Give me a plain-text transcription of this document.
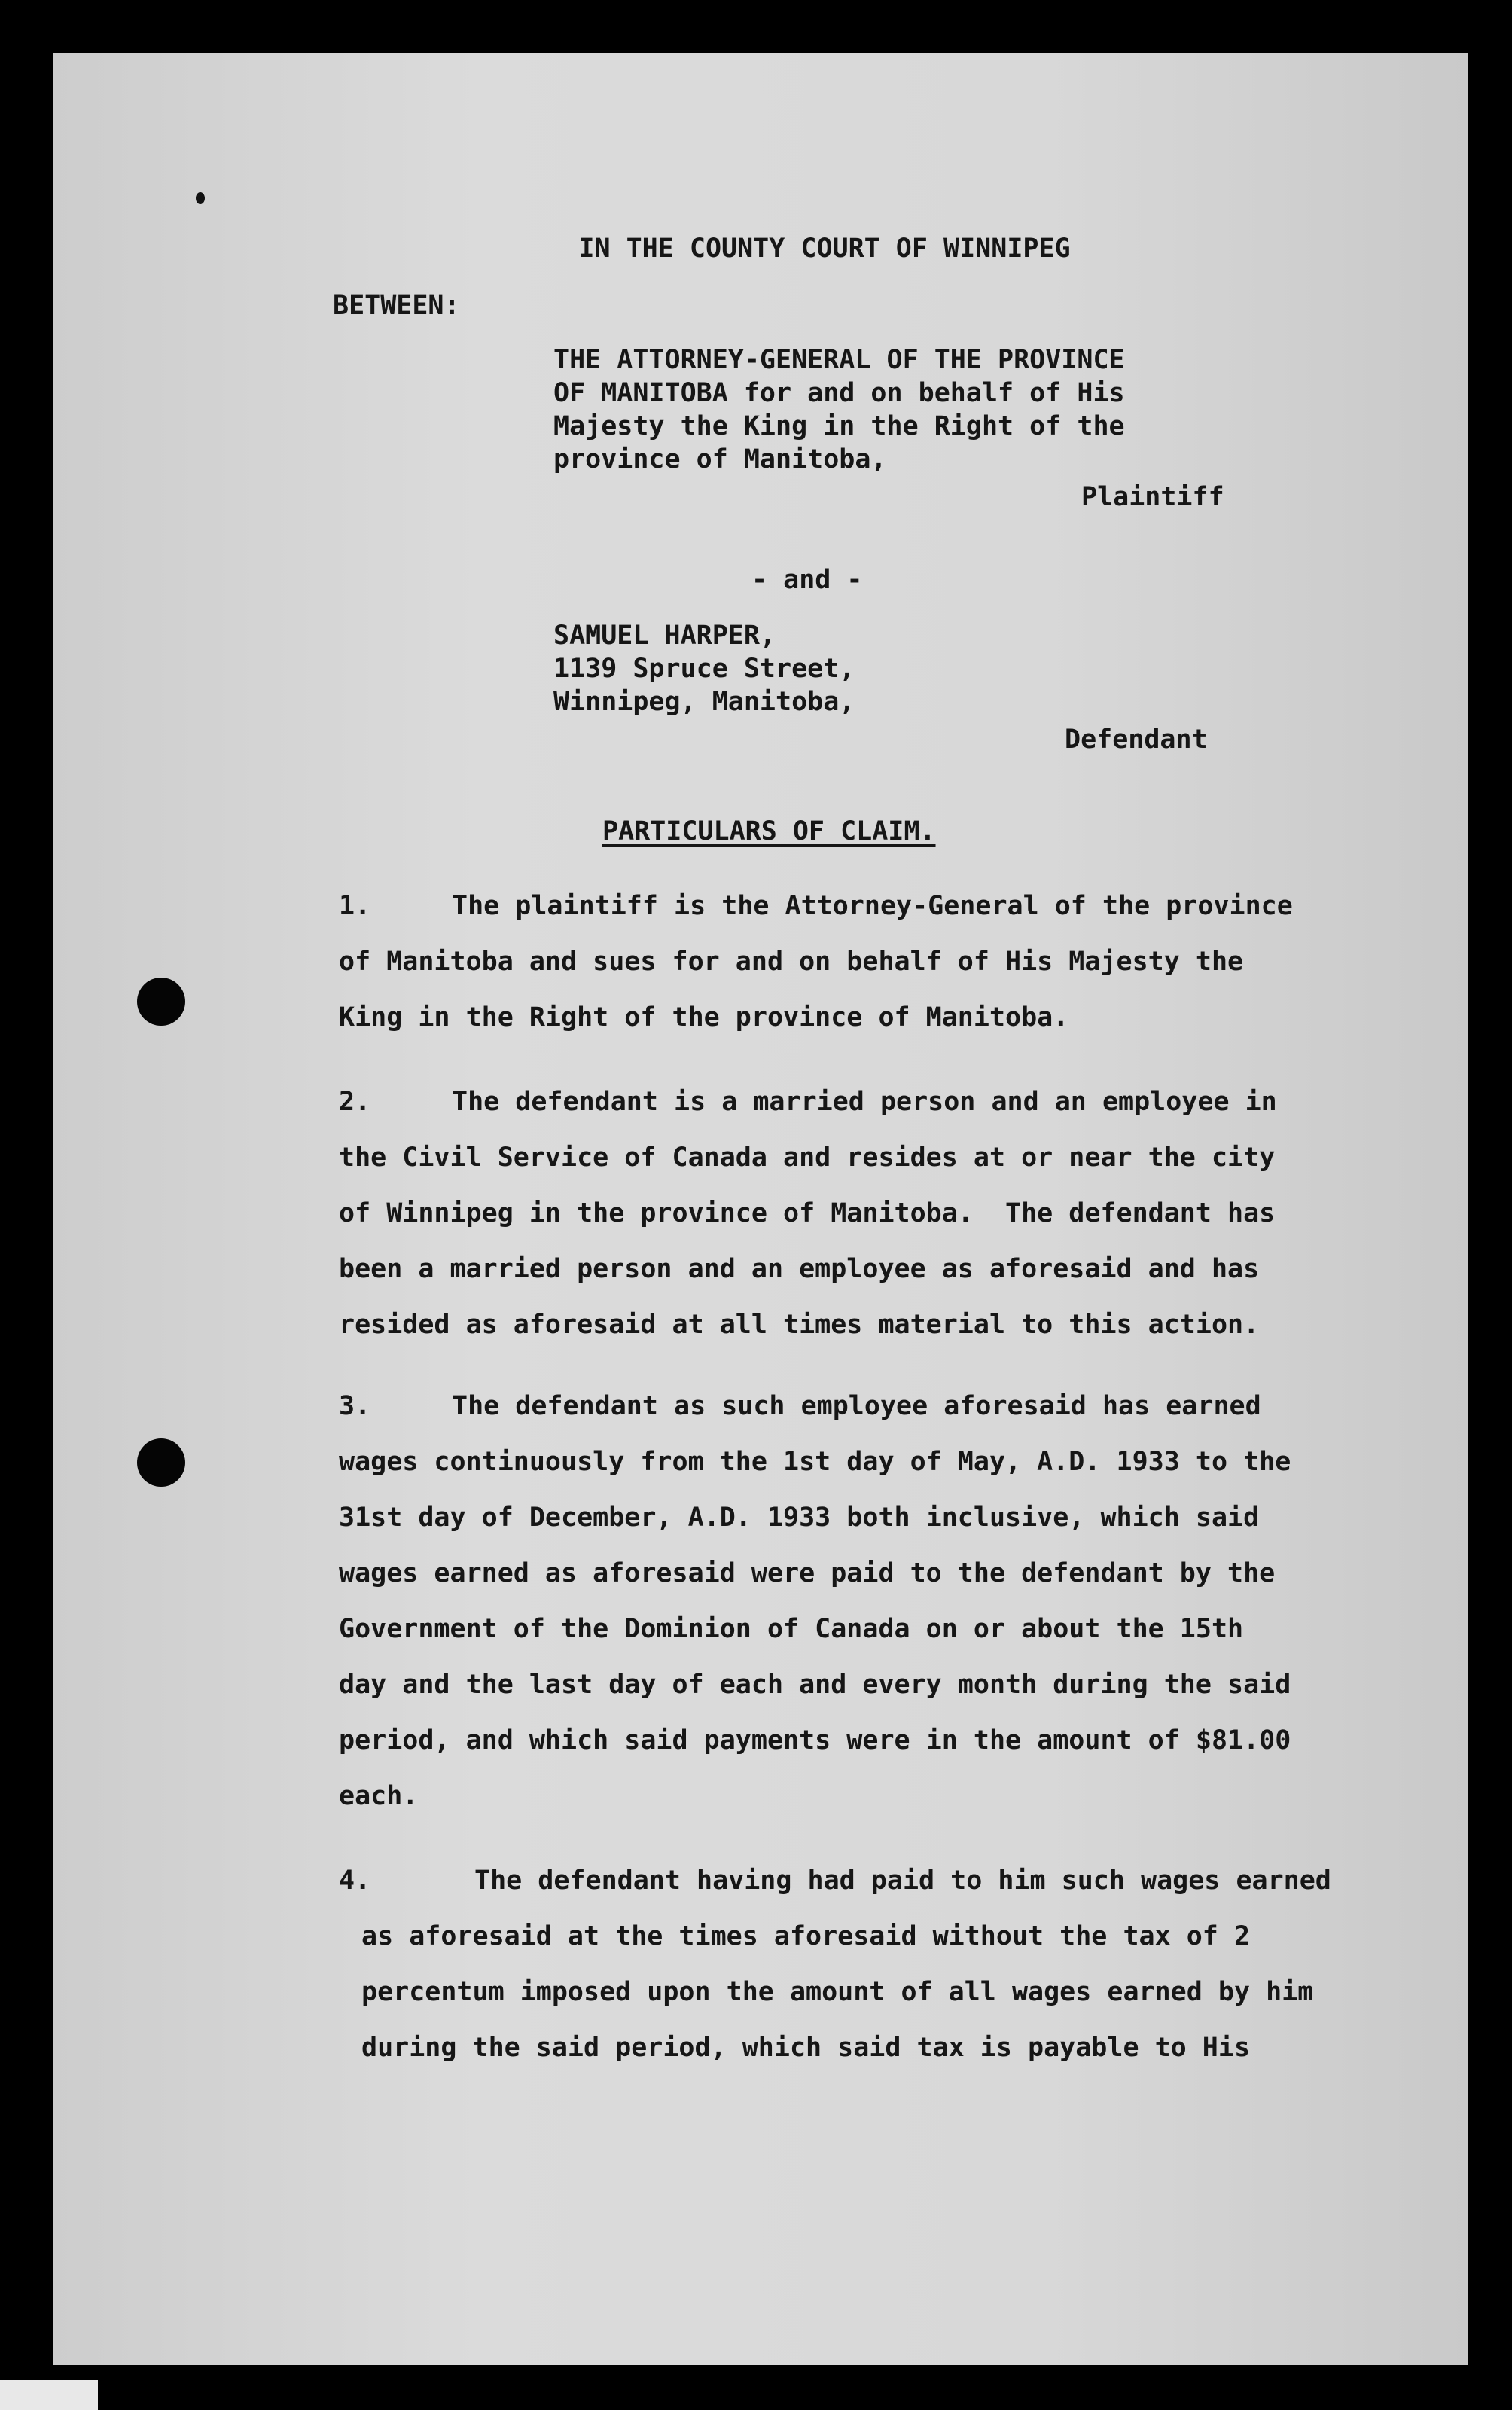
IN THE COUNTY COURT OF WINNIPEG
BETWEEN:
THE ATTORNEY-GENERAL OF THE PROVINCE
OF MANITOBA for and on behalf of His
Majesty the King in the Right of the
province of Manitoba,
Plaintiff
- and -
SAMUEL HARPER,
1139 Spruce Street,
Winnipeg, Manitoba,
Defendant
PARTICULARS OF CLAIM.
1.	The plaintiff is the Attorney-General of the province
of Manitoba and sues for and on behalf of His Majesty the
King in the Right of the province of Manitoba.
2.	The defendant is a married person and an employee in
the Civil Service of Canada and resides at or near the city
of Winnipeg in the province of Manitoba.  The defendant has
been a married person and an employee as aforesaid and has
resided as aforesaid at all times material to this action.
3.	The defendant as such employee aforesaid has earned
wages continuously from the 1st day of May, A.D. 1933 to the
31st day of December, A.D. 1933 both inclusive, which said
wages earned as aforesaid were paid to the defendant by the
Government of the Dominion of Canada on or about the 15th
day and the last day of each and every month during the said
period, and which said payments were in the amount of $81.00
each.
4.	The defendant having had paid to him such wages earned
as aforesaid at the times aforesaid without the tax of 2
percentum imposed upon the amount of all wages earned by him
during the said period, which said tax is payable to His
